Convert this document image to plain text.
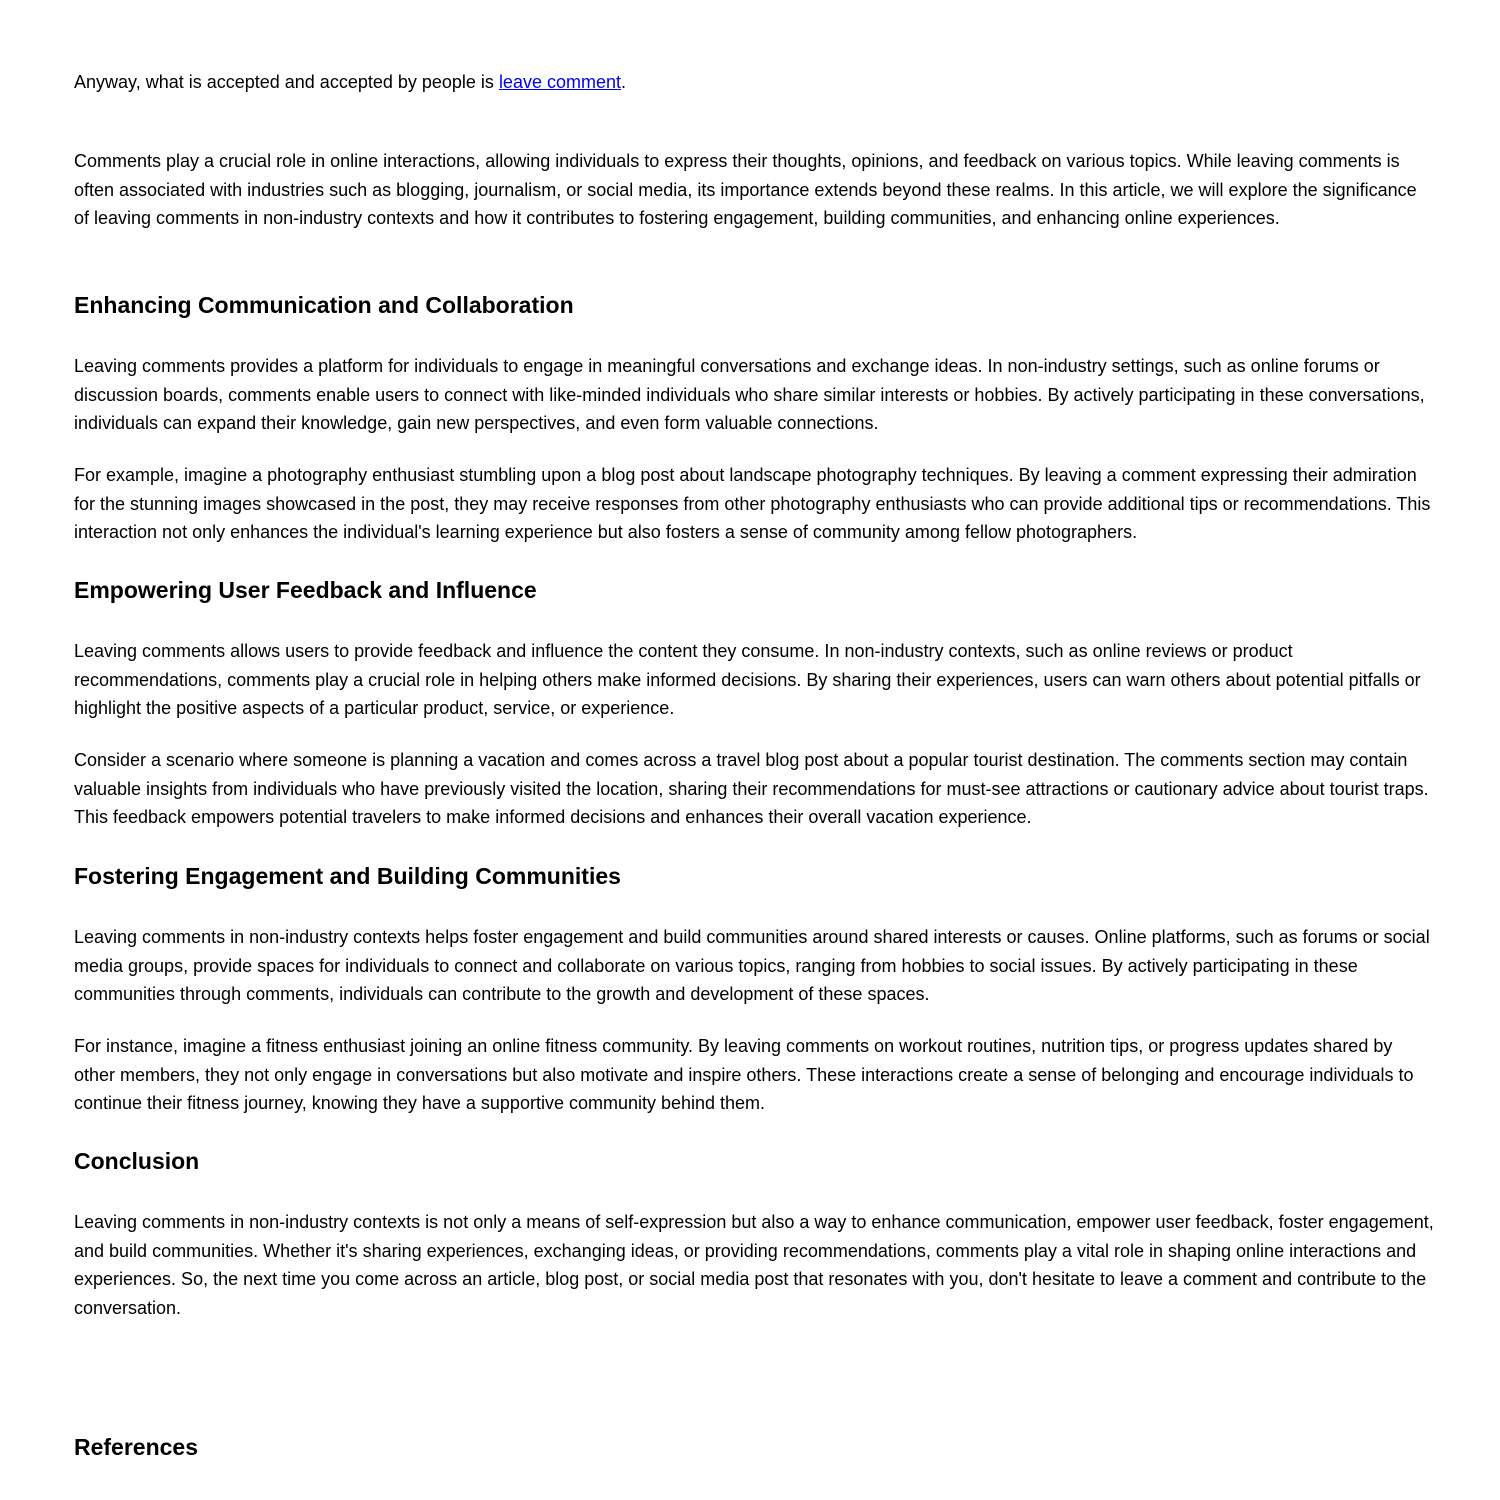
Anyway, what is accepted and accepted by people is leave comment.

Comments play a crucial role in online interactions, allowing individuals to express their thoughts, opinions, and feedback on various topics. While leaving comments is often associated with industries such as blogging, journalism, or social media, its importance extends beyond these realms. In this article, we will explore the significance of leaving comments in non-industry contexts and how it contributes to fostering engagement, building communities, and enhancing online experiences.

Enhancing Communication and Collaboration

Leaving comments provides a platform for individuals to engage in meaningful conversations and exchange ideas. In non-industry settings, such as online forums or discussion boards, comments enable users to connect with like-minded individuals who share similar interests or hobbies. By actively participating in these conversations, individuals can expand their knowledge, gain new perspectives, and even form valuable connections.

For example, imagine a photography enthusiast stumbling upon a blog post about landscape photography techniques. By leaving a comment expressing their admiration for the stunning images showcased in the post, they may receive responses from other photography enthusiasts who can provide additional tips or recommendations. This interaction not only enhances the individual's learning experience but also fosters a sense of community among fellow photographers.

Empowering User Feedback and Influence

Leaving comments allows users to provide feedback and influence the content they consume. In non-industry contexts, such as online reviews or product recommendations, comments play a crucial role in helping others make informed decisions. By sharing their experiences, users can warn others about potential pitfalls or highlight the positive aspects of a particular product, service, or experience.

Consider a scenario where someone is planning a vacation and comes across a travel blog post about a popular tourist destination. The comments section may contain valuable insights from individuals who have previously visited the location, sharing their recommendations for must-see attractions or cautionary advice about tourist traps. This feedback empowers potential travelers to make informed decisions and enhances their overall vacation experience.

Fostering Engagement and Building Communities

Leaving comments in non-industry contexts helps foster engagement and build communities around shared interests or causes. Online platforms, such as forums or social media groups, provide spaces for individuals to connect and collaborate on various topics, ranging from hobbies to social issues. By actively participating in these communities through comments, individuals can contribute to the growth and development of these spaces.

For instance, imagine a fitness enthusiast joining an online fitness community. By leaving comments on workout routines, nutrition tips, or progress updates shared by other members, they not only engage in conversations but also motivate and inspire others. These interactions create a sense of belonging and encourage individuals to continue their fitness journey, knowing they have a supportive community behind them.

Conclusion

Leaving comments in non-industry contexts is not only a means of self-expression but also a way to enhance communication, empower user feedback, foster engagement, and build communities. Whether it's sharing experiences, exchanging ideas, or providing recommendations, comments play a vital role in shaping online interactions and experiences. So, the next time you come across an article, blog post, or social media post that resonates with you, don't hesitate to leave a comment and contribute to the conversation.

References
